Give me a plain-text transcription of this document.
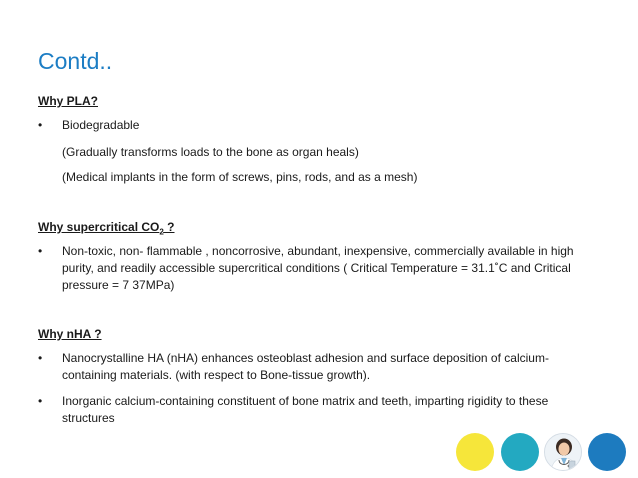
Contd..
Why PLA?
• Biodegradable
(Gradually transforms loads to the bone as organ heals)
(Medical implants in the form of screws, pins, rods, and as a mesh)
Why supercritical $CO_2$ ?
• Non-toxic, non- flammable , noncorrosive, abundant, inexpensive, commercially available in high
purity, and readily accessible supercritical conditions ( Critical Temperature = 31.1˚C and Critical
pressure = 7 37MPa)
Why nHA ?
• Nanocrystalline HA (nHA) enhances osteoblast adhesion and surface deposition of calcium-
containing materials. (with respect to Bone-tissue growth).
• Inorganic calcium-containing constituent of bone matrix and teeth, imparting rigidity to these
structures
